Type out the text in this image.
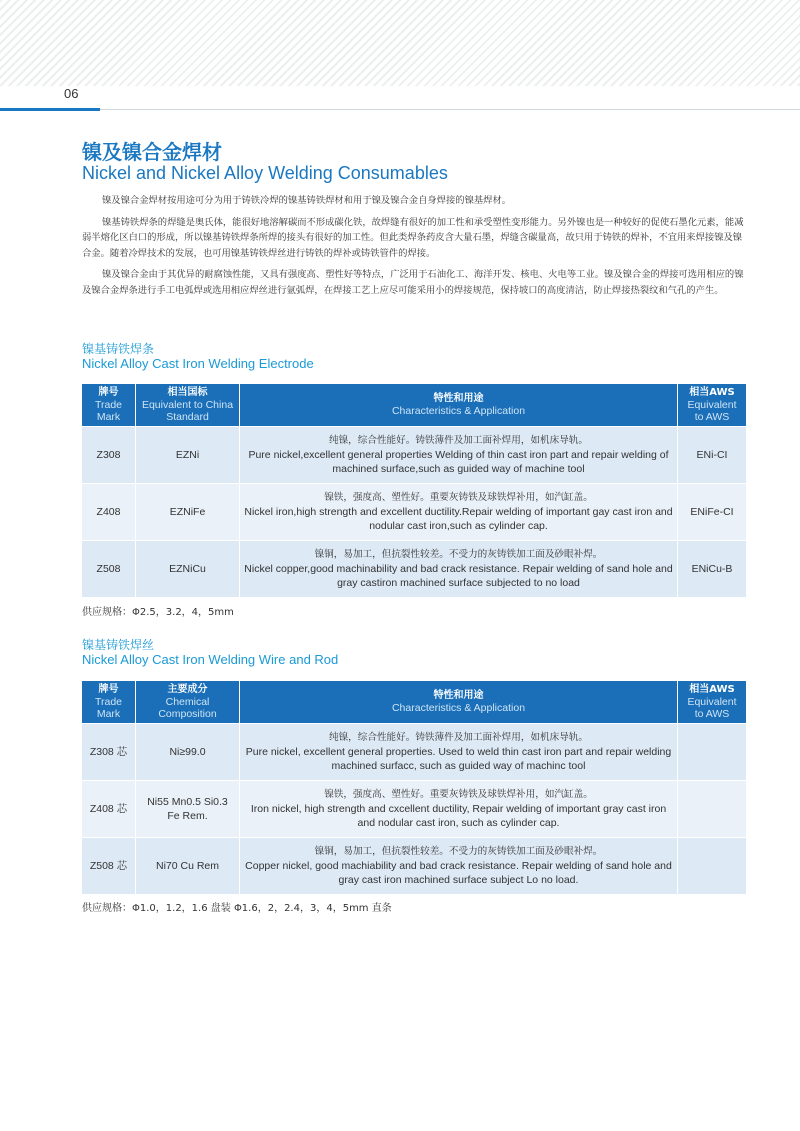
06
镍及镍合金焊材
Nickel and Nickel Alloy Welding Consumables

镍及镍合金焊材按用途可分为用于铸铁冷焊的镍基铸铁焊材和用于镍及镍合金自身焊接的镍基焊材。

镍基铸铁焊条的焊缝是奥氏体，能很好地溶解碳而不形成碳化铁，故焊缝有很好的加工性和承受塑性变形能力。另外镍也是一种较好的促使石墨化元素，能减弱半熔化区白口的形成，所以镍基铸铁焊条所焊的接头有很好的加工性。但此类焊条药皮含大量石墨，焊缝含碳量高，故只用于铸铁的焊补，不宜用来焊接镍及镍合金。随着冷焊技术的发展，也可用镍基铸铁焊丝进行铸铁的焊补或铸铁管件的焊接。

镍及镍合金由于其优异的耐腐蚀性能，又具有强度高、塑性好等特点，广泛用于石油化工、海洋开发、核电、火电等工业。镍及镍合金的焊接可选用相应的镍及镍合金焊条进行手工电弧焊或选用相应焊丝进行氩弧焊，在焊接工艺上应尽可能采用小的焊接规范，保持坡口的高度清洁，防止焊接热裂纹和气孔的产生。

镍基铸铁焊条
Nickel Alloy Cast Iron Welding Electrode
牌号
Trade
Mark	相当国标
Equivalent to China
Standard	特性和用途
Characteristics & Application	相当AWS
Equivalent
to AWS

Z308	EZNi	纯镍，综合性能好。铸铁薄件及加工面补焊用，如机床导轨。
Pure nickel,excellent general properties Welding of thin cast iron part and repair welding of machined surface,such as guided way of machine tool	ENi-CI
Z408	EZNiFe	镍铁，强度高、塑性好。重要灰铸铁及球铁焊补用，如汽缸盖。
Nickel iron,high strength and excellent ductility.Repair welding of important gay cast iron and nodular cast iron,such as cylinder cap.	ENiFe-CI
Z508	EZNiCu	镍铜，易加工，但抗裂性较差。不受力的灰铸铁加工面及砂眼补焊。
Nickel copper,good machinability and bad crack resistance. Repair welding of sand hole and gray castiron machined surface subjected to no load	ENiCu-B
供应规格：Φ2.5，3.2，4，5mm
镍基铸铁焊丝
Nickel Alloy Cast Iron Welding Wire and Rod
牌号
Trade
Mark	主要成分
Chemical
Composition	特性和用途
Characteristics & Application	相当AWS
Equivalent
to AWS

Z308 芯	Ni≥99.0	纯镍，综合性能好。铸铁薄件及加工面补焊用，如机床导轨。
Pure nickel, excellent general properties. Used to weld thin cast iron part and repair welding machined surfacc, such as guided way of machinc tool	

Z408 芯	Ni55 Mn0.5 Si0.3
Fe Rem.	镍铁，强度高、塑性好。重要灰铸铁及球铁焊补用，如汽缸盖。
Iron nickel, high strength and cxcellent ductility, Repair welding of important gray cast iron and nodular cast iron, such as cylinder cap.	

Z508 芯	Ni70 Cu Rem	镍铜，易加工，但抗裂性较差。不受力的灰铸铁加工面及砂眼补焊。
Copper nickel, good machiability and bad crack resistance. Repair welding of sand hole and gray cast iron machined surface subject Lo no load.	

供应规格：Φ1.0，1.2，1.6 盘装 Φ1.6，2，2.4，3，4，5mm 直条
